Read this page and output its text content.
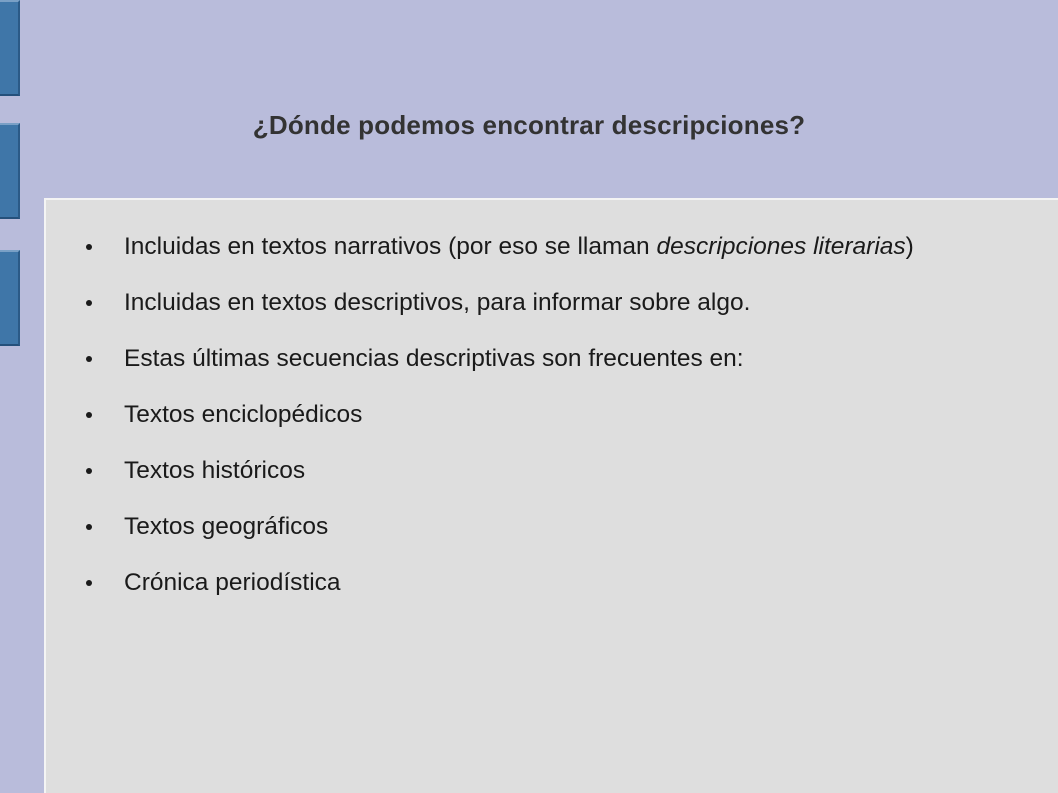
¿Dónde podemos encontrar descripciones?
Incluidas en textos narrativos (por eso se llaman descripciones literarias)
Incluidas en textos descriptivos, para informar sobre algo.
Estas últimas secuencias descriptivas son frecuentes en:
Textos enciclopédicos
Textos históricos
Textos geográficos
Crónica periodística
